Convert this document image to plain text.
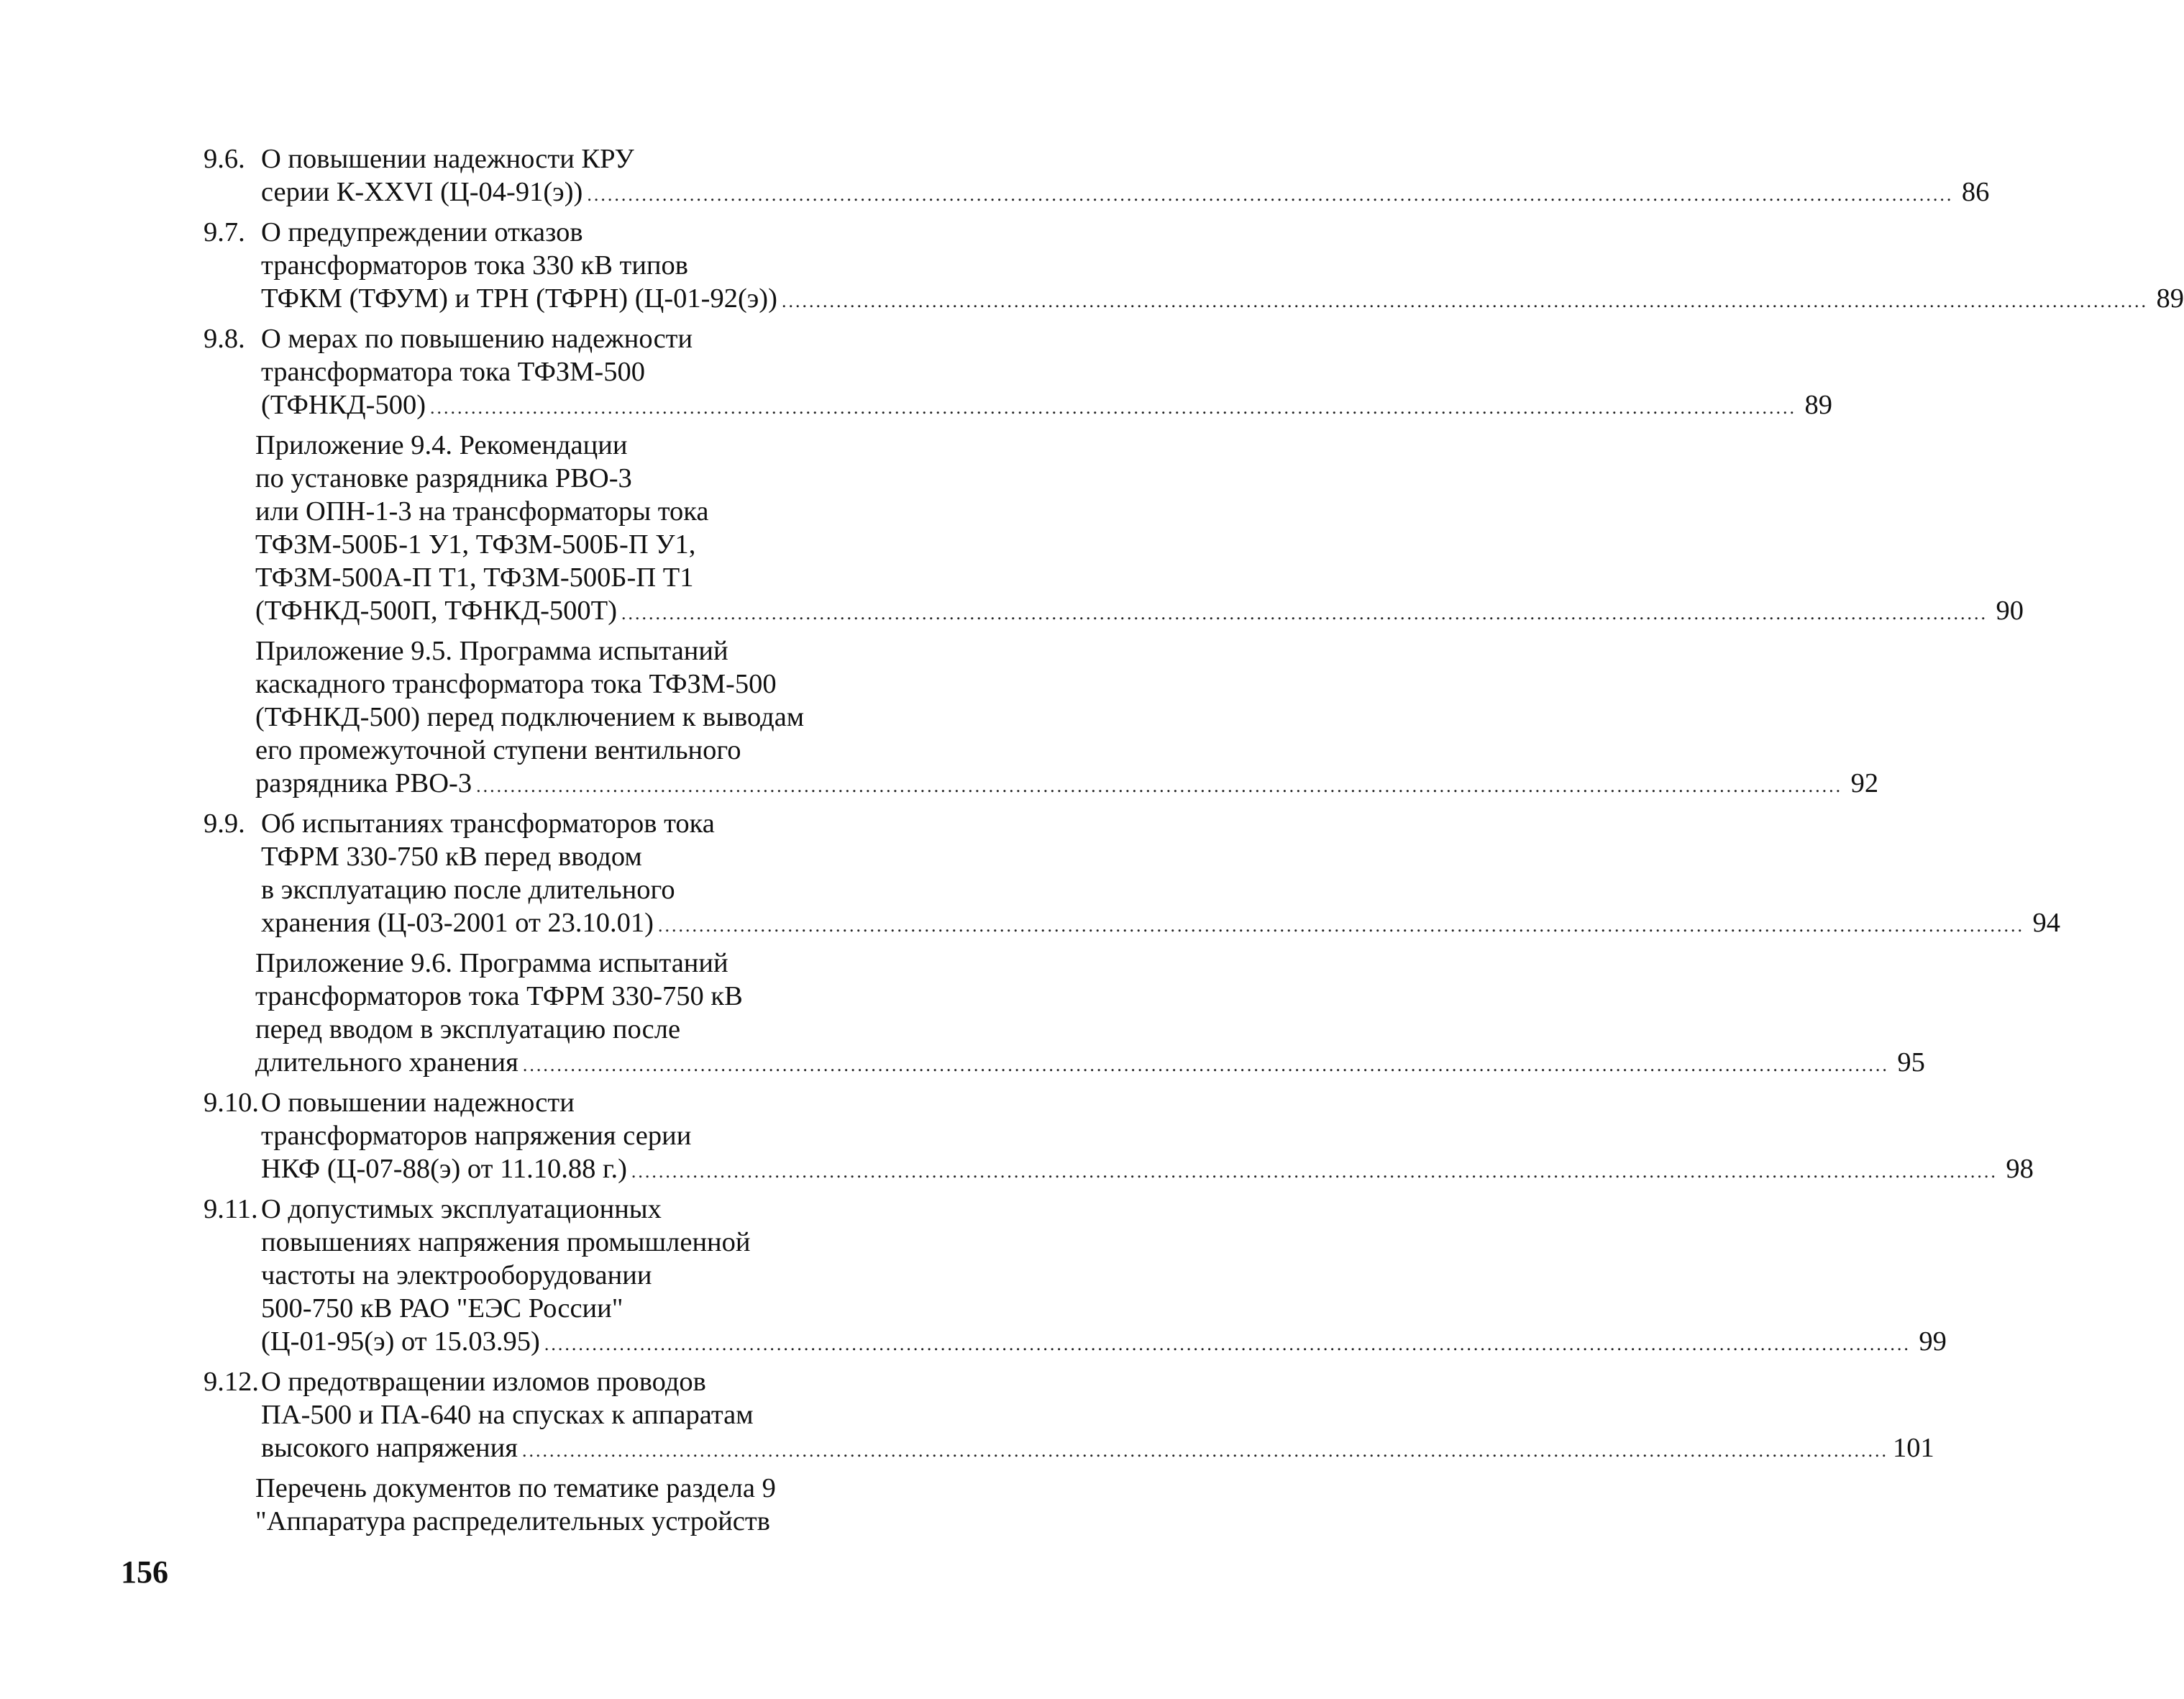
9.6. О повышении надежности КРУ
серии К-XXVI (Ц-04-91(э)) ........................................................................................................................................................................................................ 86
9.7. О предупреждении отказов
трансформаторов тока 330 кВ типов
ТФКМ (ТФУМ) и ТРН (ТФРН) (Ц-01-92(э)) ........................................................................................................................................................................................................ 89
9.8. О мерах по повышению надежности
трансформатора тока ТФЗМ-500
(ТФНКД-500) ........................................................................................................................................................................................................ 89
Приложение 9.4. Рекомендации
по установке разрядника РВО-3
или ОПН-1-3 на трансформаторы тока
ТФЗМ-500Б-1 У1, ТФЗМ-500Б-П У1,
ТФЗМ-500А-П Т1, ТФЗМ-500Б-П Т1
(ТФНКД-500П, ТФНКД-500Т) ........................................................................................................................................................................................................ 90
Приложение 9.5. Программа испытаний
каскадного трансформатора тока ТФЗМ-500
(ТФНКД-500) перед подключением к выводам
его промежуточной ступени вентильного
разрядника РВО-3 ........................................................................................................................................................................................................ 92
9.9. Об испытаниях трансформаторов тока
ТФРМ 330-750 кВ перед вводом
в эксплуатацию после длительного
хранения (Ц-03-2001 от 23.10.01) ........................................................................................................................................................................................................ 94
Приложение 9.6. Программа испытаний
трансформаторов тока ТФРМ 330-750 кВ
перед вводом в эксплуатацию после
длительного хранения ........................................................................................................................................................................................................ 95
9.10. О повышении надежности
трансформаторов напряжения серии
НКФ (Ц-07-88(э) от 11.10.88 г.) ........................................................................................................................................................................................................ 98
9.11. О допустимых эксплуатационных
повышениях напряжения промышленной
частоты на электрооборудовании
500-750 кВ РАО "ЕЭС России"
(Ц-01-95(э) от 15.03.95) ........................................................................................................................................................................................................ 99
9.12. О предотвращении изломов проводов
ПА-500 и ПА-640 на спусках к аппаратам
высокого напряжения ........................................................................................................................................................................................................ 101
Перечень документов по тематике раздела 9
"Аппаратура распределительных устройств
156
